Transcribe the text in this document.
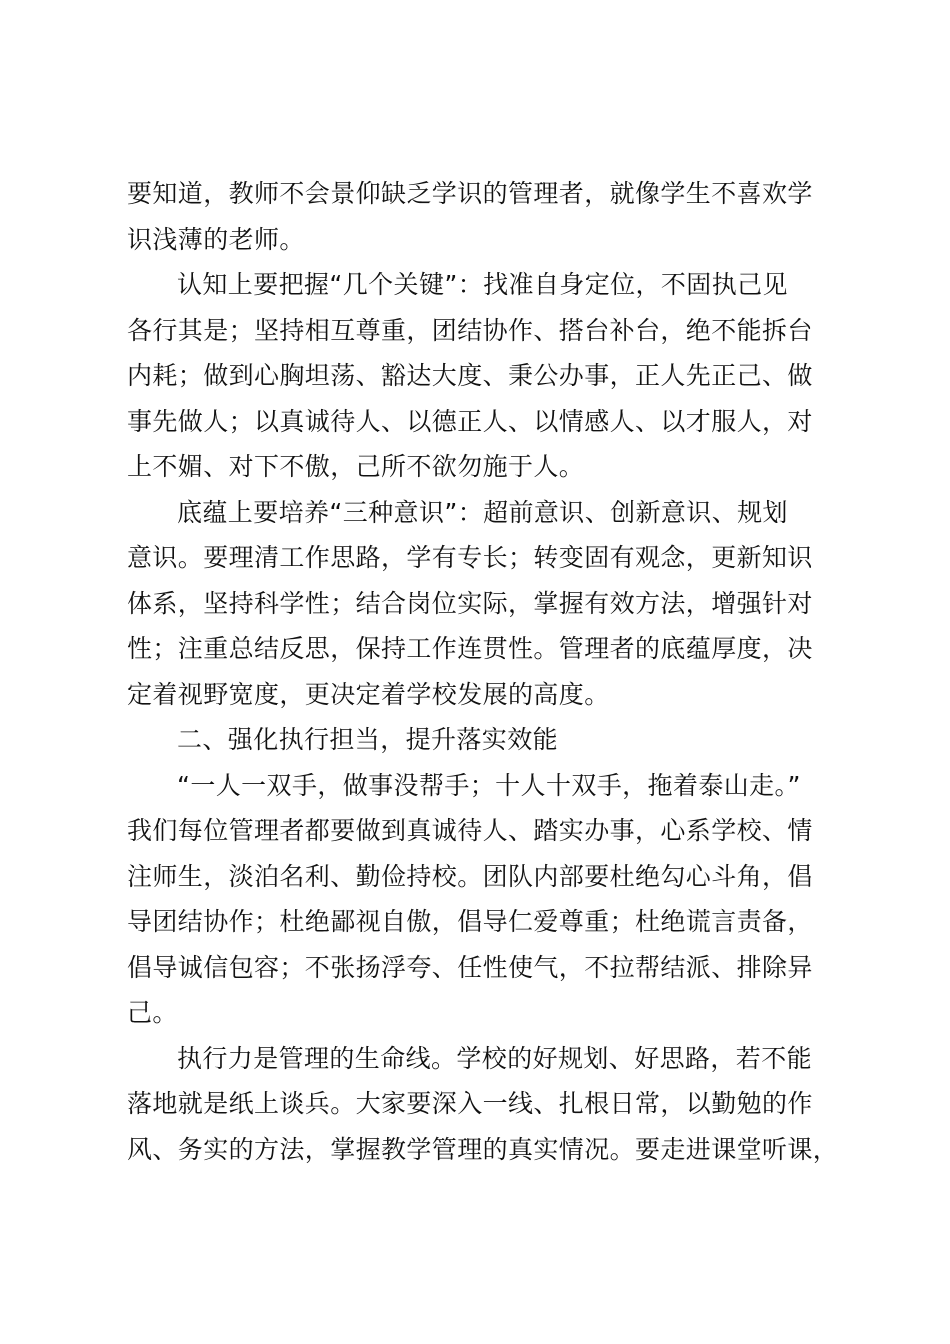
要知道，教师不会景仰缺乏学识的管理者，就像学生不喜欢学
识浅薄的老师。

认知上要把握“几个关键”：找准自身定位，不固执己见
各行其是；坚持相互尊重，团结协作、搭台补台，绝不能拆台
内耗；做到心胸坦荡、豁达大度、秉公办事，正人先正己、做
事先做人；以真诚待人、以德正人、以情感人、以才服人，对
上不媚、对下不傲，己所不欲勿施于人。

底蕴上要培养“三种意识”：超前意识、创新意识、规划
意识。要理清工作思路，学有专长；转变固有观念，更新知识
体系，坚持科学性；结合岗位实际，掌握有效方法，增强针对
性；注重总结反思，保持工作连贯性。管理者的底蕴厚度，决
定着视野宽度，更决定着学校发展的高度。

二、强化执行担当，提升落实效能

“一人一双手，做事没帮手；十人十双手，拖着泰山走。”
我们每位管理者都要做到真诚待人、踏实办事，心系学校、情
注师生，淡泊名利、勤俭持校。团队内部要杜绝勾心斗角，倡
导团结协作；杜绝鄙视自傲，倡导仁爱尊重；杜绝谎言责备，
倡导诚信包容；不张扬浮夸、任性使气，不拉帮结派、排除异
己。

执行力是管理的生命线。学校的好规划、好思路，若不能
落地就是纸上谈兵。大家要深入一线、扎根日常，以勤勉的作
风、务实的方法，掌握教学管理的真实情况。要走进课堂听课，
